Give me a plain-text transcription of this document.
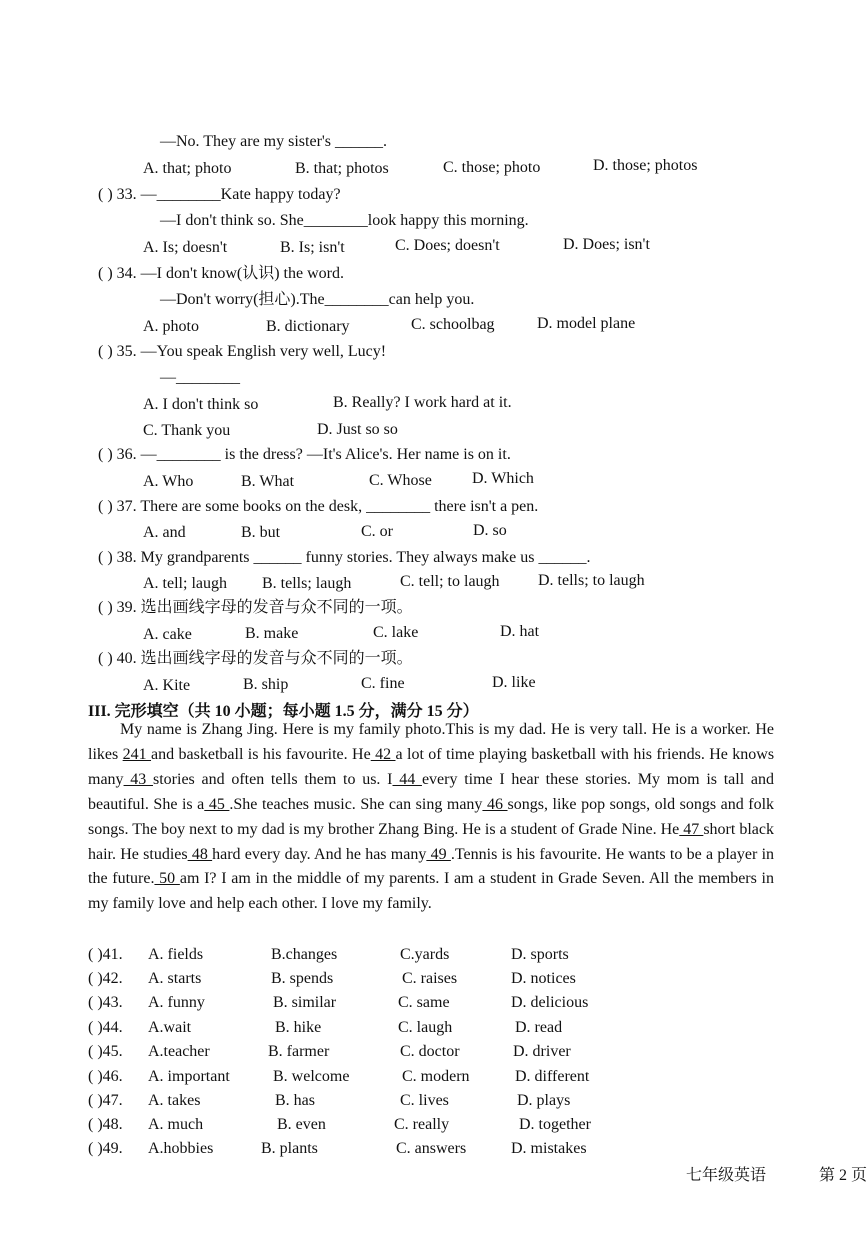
—No. They are my sister's ______.
A. that; photo	B. that; photos	C. those; photo	D. those; photos
( ) 33. —________Kate happy today?
—I don't think so. She________look happy this morning.
A. Is; doesn't	B. Is; isn't	C. Does; doesn't	D. Does; isn't
( ) 34. —I don't know(认识) the word.
—Don't worry(担心).The________can help you.
A. photo	B. dictionary	C. schoolbag	D. model plane
( ) 35. —You speak English very well, Lucy!
—________
A. I don't think so	B. Really? I work hard at it.
C. Thank you	D. Just so so
( ) 36. —________ is the dress? —It's Alice's. Her name is on it.
A. Who	B. What	C. Whose	D. Which
( ) 37. There are some books on the desk, ________ there isn't a pen.
A. and	B. but	C. or	D. so
( ) 38. My grandparents ______ funny stories. They always make us ______.
A. tell; laugh B. tells; laugh	C. tell; to laugh D. tells; to laugh
( ) 39. 选出画线字母的发音与众不同的一项。
A. cake	B. make	C. lake	D. hat
( ) 40. 选出画线字母的发音与众不同的一项。
A. Kite	B. ship	C. fine	D. like
III. 完形填空（共 10 小题；每小题 1.5 分，满分 15 分）
My name is Zhang Jing. Here is my family photo.This is my dad. He is very tall. He is a worker. He likes 241 and basketball is his favourite. He 42 a lot of time playing basketball with his friends. He knows many 43 stories and often tells them to us. I 44 every time I hear these stories. My mom is tall and beautiful. She is a 45 .She teaches music. She can sing many 46 songs, like pop songs, old songs and folk songs. The boy next to my dad is my brother Zhang Bing. He is a student of Grade Nine. He 47 short black hair. He studies 48 hard every day. And he has many 49 .Tennis is his favourite. He wants to be a player in the future. 50 am I? I am in the middle of my parents. I am a student in Grade Seven. All the members in my family love and help each other. I love my family.
( )41. A. fields	B.changes	C.yards	D. sports
( )42. A. starts	B. spends	C. raises	D. notices
( )43. A. funny	B. similar	C. same	D. delicious
( )44. A.wait	B. hike	C. laugh	D. read
( )45. A.teacher	B. farmer	C. doctor	D. driver
( )46. A. important	B. welcome	C. modern	D. different
( )47. A. takes	B. has	C. lives	D. plays
( )48. A. much	B. even	C. really	D. together
( )49. A.hobbies	B. plants	C. answers	D. mistakes
七年级英语	第 2 页
